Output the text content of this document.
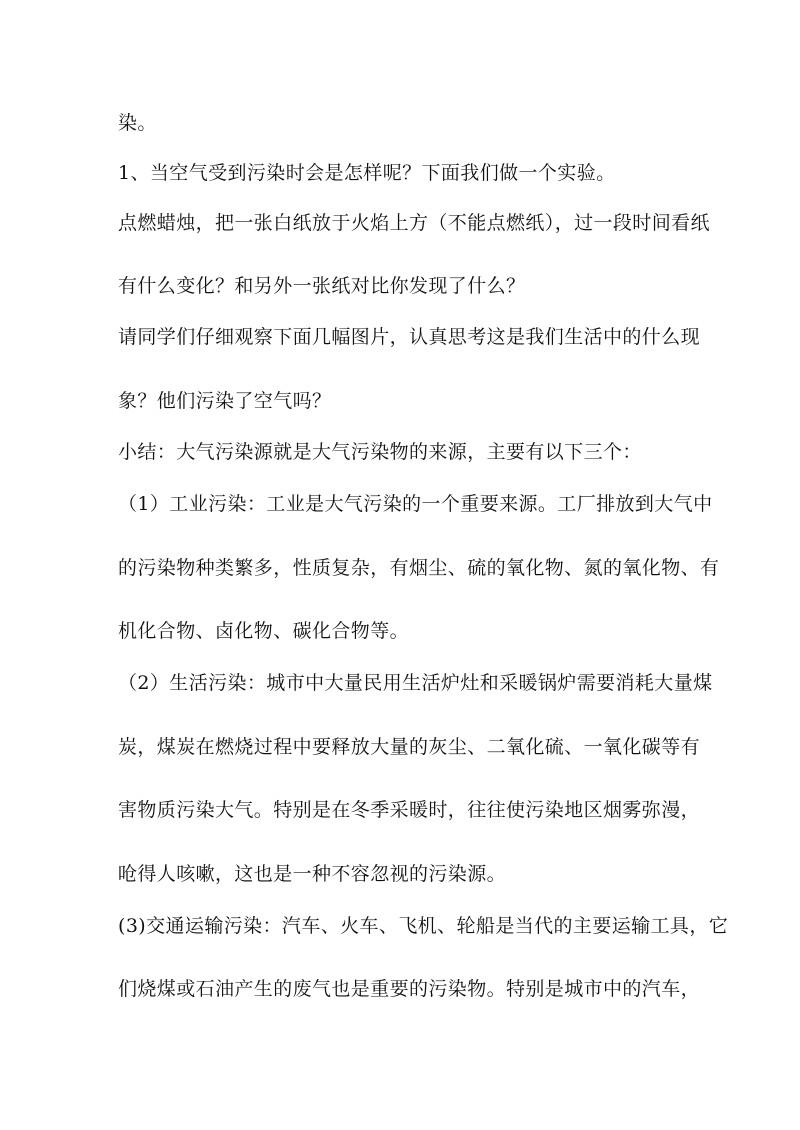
染。
1、当空气受到污染时会是怎样呢？下面我们做一个实验。
点燃蜡烛，把一张白纸放于火焰上方（不能点燃纸），过一段时间看纸
有什么变化？和另外一张纸对比你发现了什么？
请同学们仔细观察下面几幅图片，认真思考这是我们生活中的什么现
象？他们污染了空气吗？
小结：大气污染源就是大气污染物的来源，主要有以下三个：
（1）工业污染：工业是大气污染的一个重要来源。工厂排放到大气中
的污染物种类繁多，性质复杂，有烟尘、硫的氧化物、氮的氧化物、有
机化合物、卤化物、碳化合物等。
（2）生活污染：城市中大量民用生活炉灶和采暖锅炉需要消耗大量煤
炭，煤炭在燃烧过程中要释放大量的灰尘、二氧化硫、一氧化碳等有
害物质污染大气。特别是在冬季采暖时，往往使污染地区烟雾弥漫，
呛得人咳嗽，这也是一种不容忽视的污染源。
(3)交通运输污染：汽车、火车、飞机、轮船是当代的主要运输工具，它
们烧煤或石油产生的废气也是重要的污染物。特别是城市中的汽车，
